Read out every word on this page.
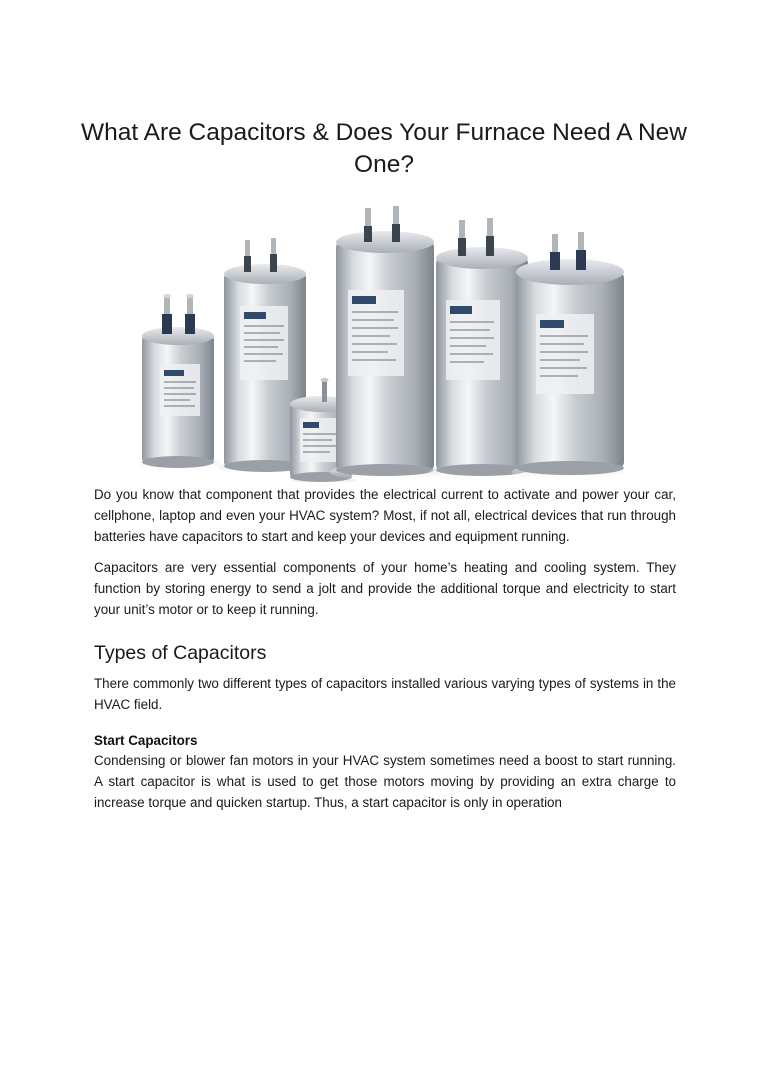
What Are Capacitors & Does Your Furnace Need A New One?

Do you know that component that provides the electrical current to activate and power your car, cellphone, laptop and even your HVAC system? Most, if not all, electrical devices that run through batteries have capacitors to start and keep your devices and equipment running.

Capacitors are very essential components of your home’s heating and cooling system. They function by storing energy to send a jolt and provide the additional torque and electricity to start your unit’s motor or to keep it running.

Types of Capacitors

There commonly two different types of capacitors installed various varying types of systems in the HVAC field.

Start Capacitors

Condensing or blower fan motors in your HVAC system sometimes need a boost to start running. A start capacitor is what is used to get those motors moving by providing an extra charge to increase torque and quicken startup. Thus, a start capacitor is only in operation
